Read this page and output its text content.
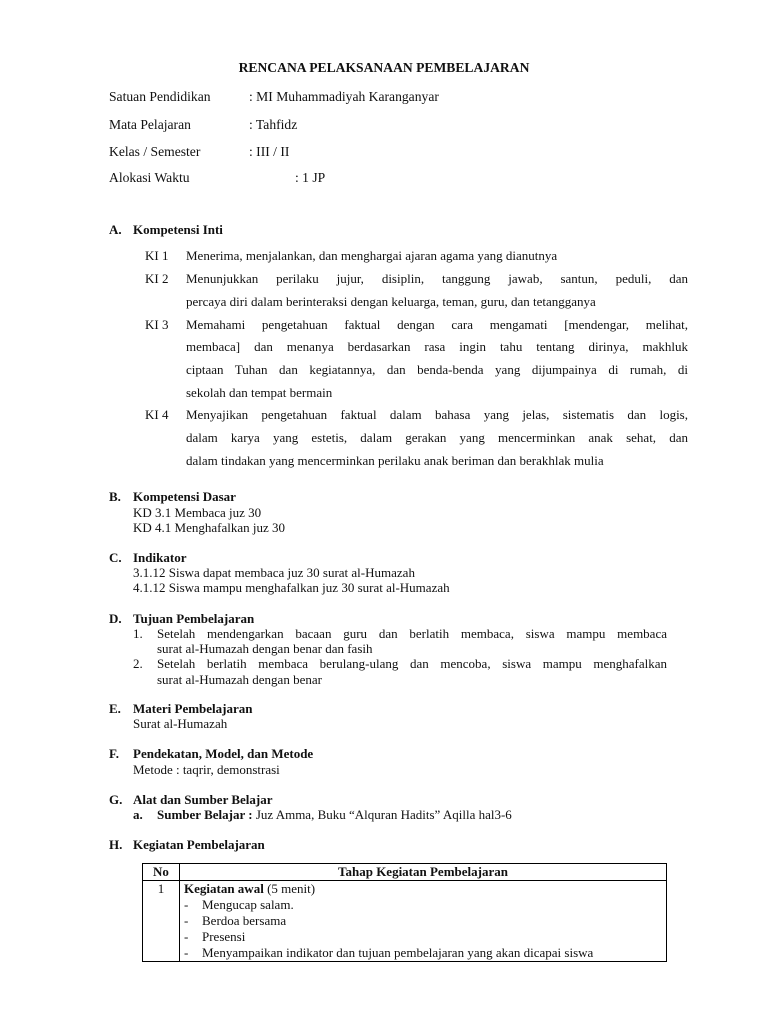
RENCANA PELAKSANAAN PEMBELAJARAN
Satuan Pendidikan	: MI Muhammadiyah Karanganyar
Mata Pelajaran	: Tahfidz
Kelas / Semester	: III / II
Alokasi Waktu	: 1 JP
A. Kompetensi Inti
KI 1 Menerima, menjalankan, dan menghargai ajaran agama yang dianutnya
KI 2 Menunjukkan perilaku jujur, disiplin, tanggung jawab, santun, peduli, dan
percaya diri dalam berinteraksi dengan keluarga, teman, guru, dan tetangganya
KI 3 Memahami pengetahuan faktual dengan cara mengamati [mendengar, melihat,
membaca] dan menanya berdasarkan rasa ingin tahu tentang dirinya, makhluk
ciptaan Tuhan dan kegiatannya, dan benda-benda yang dijumpainya di rumah, di
sekolah dan tempat bermain
KI 4 Menyajikan pengetahuan faktual dalam bahasa yang jelas, sistematis dan logis,
dalam karya yang estetis, dalam gerakan yang mencerminkan anak sehat, dan
dalam tindakan yang mencerminkan perilaku anak beriman dan berakhlak mulia
B. Kompetensi Dasar
KD 3.1 Membaca juz 30
KD 4.1 Menghafalkan juz 30
C. Indikator
3.1.12 Siswa dapat membaca juz 30 surat al-Humazah
4.1.12 Siswa mampu menghafalkan juz 30 surat al-Humazah
D. Tujuan Pembelajaran
1. Setelah mendengarkan bacaan guru dan berlatih membaca, siswa mampu membaca
surat al-Humazah dengan benar dan fasih
2. Setelah berlatih membaca berulang-ulang dan mencoba, siswa mampu menghafalkan
surat al-Humazah dengan benar
E. Materi Pembelajaran
Surat al-Humazah
F. Pendekatan, Model, dan Metode
Metode : taqrir, demonstrasi
G. Alat dan Sumber Belajar
a. Sumber Belajar : Juz Amma, Buku “Alquran Hadits” Aqilla hal3-6
H. Kegiatan Pembelajaran
No	Tahap Kegiatan Pembelajaran
1	Kegiatan awal (5 menit)
- Mengucap salam.
- Berdoa bersama
- Presensi
- Menyampaikan indikator dan tujuan pembelajaran yang akan dicapai siswa
